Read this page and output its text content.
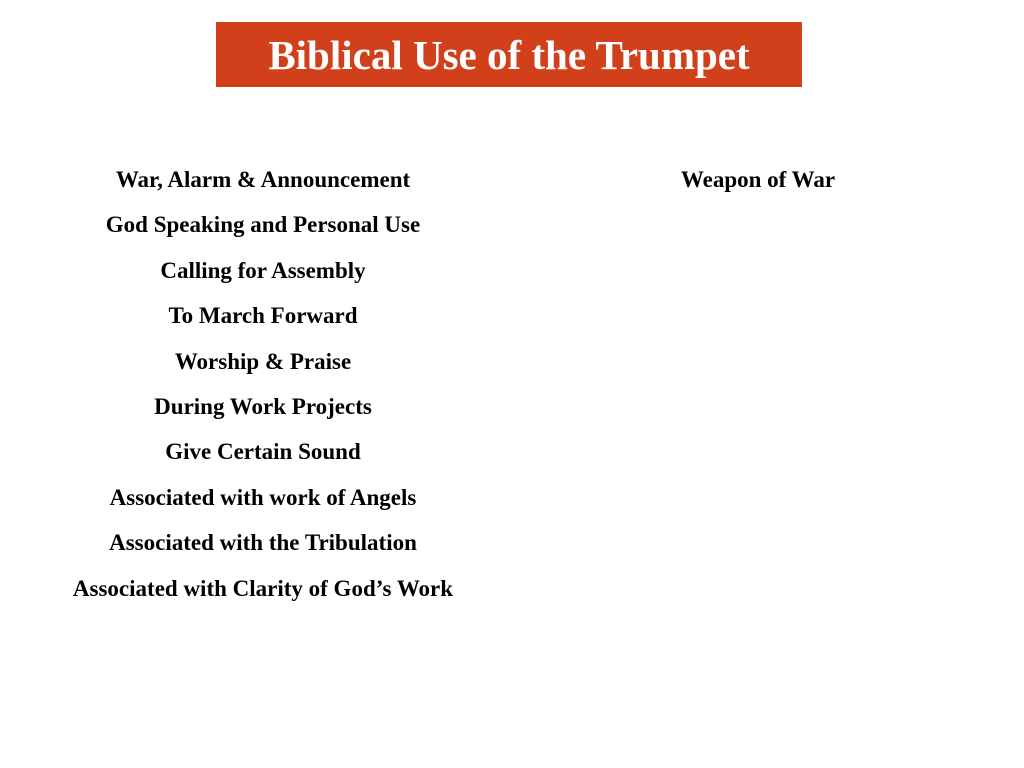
Biblical Use of the Trumpet
War, Alarm & Announcement
God Speaking and Personal Use
Calling for Assembly
To March Forward
Worship & Praise
During Work Projects
Give Certain Sound
Associated with work of Angels
Associated with the Tribulation
Associated with Clarity of God’s Work
Weapon of War
